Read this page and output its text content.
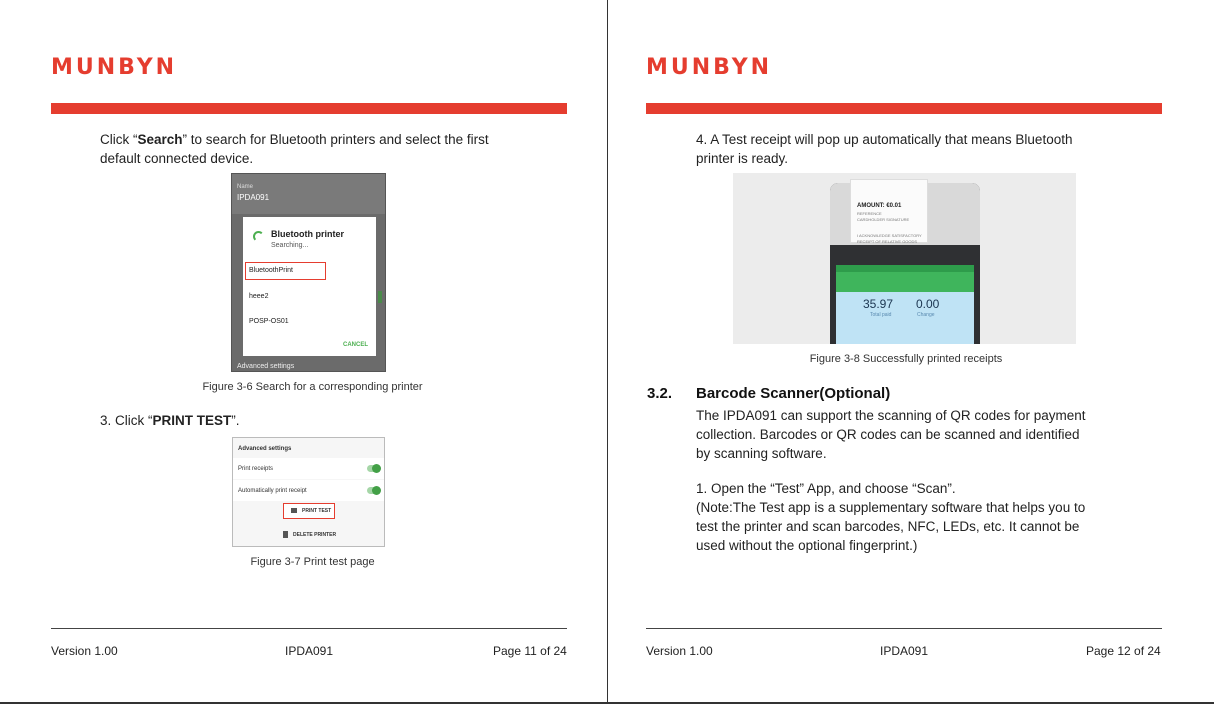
MUNBYN
Click “Search” to search for Bluetooth printers and select the first
default connected device.
Name
IPDA091
Bluetooth printer
Searching...
BluetoothPrint
heee2
POSP-OS01
CANCEL
Advanced settings
Figure 3-6 Search for a corresponding printer
3. Click “PRINT TEST”.
Advanced settings
Print receipts
Automatically print receipt
PRINT TEST
DELETE PRINTER
Figure 3-7 Print test page
Version 1.00	IPDA091	Page 11 of 24
MUNBYN
4. A Test receipt will pop up automatically that means Bluetooth
printer is ready.
Figure 3-8 Successfully printed receipts
3.2. Barcode Scanner(Optional)
The IPDA091 can support the scanning of QR codes for payment
collection. Barcodes or QR codes can be scanned and identified
by scanning software.
1. Open the “Test” App, and choose “Scan”.
(Note:The Test app is a supplementary software that helps you to
test the printer and scan barcodes, NFC, LEDs, etc. It cannot be
used without the optional fingerprint.)
Version 1.00	IPDA091	Page 12 of 24
AMOUNT: €0.01
REFERENCE
CARDHOLDER SIGNATURE
I ACKNOWLEDGE SATISFACTORY
RECEIPT OF RELATIVE GOODS
35.97 0.00
Total paid	Change
